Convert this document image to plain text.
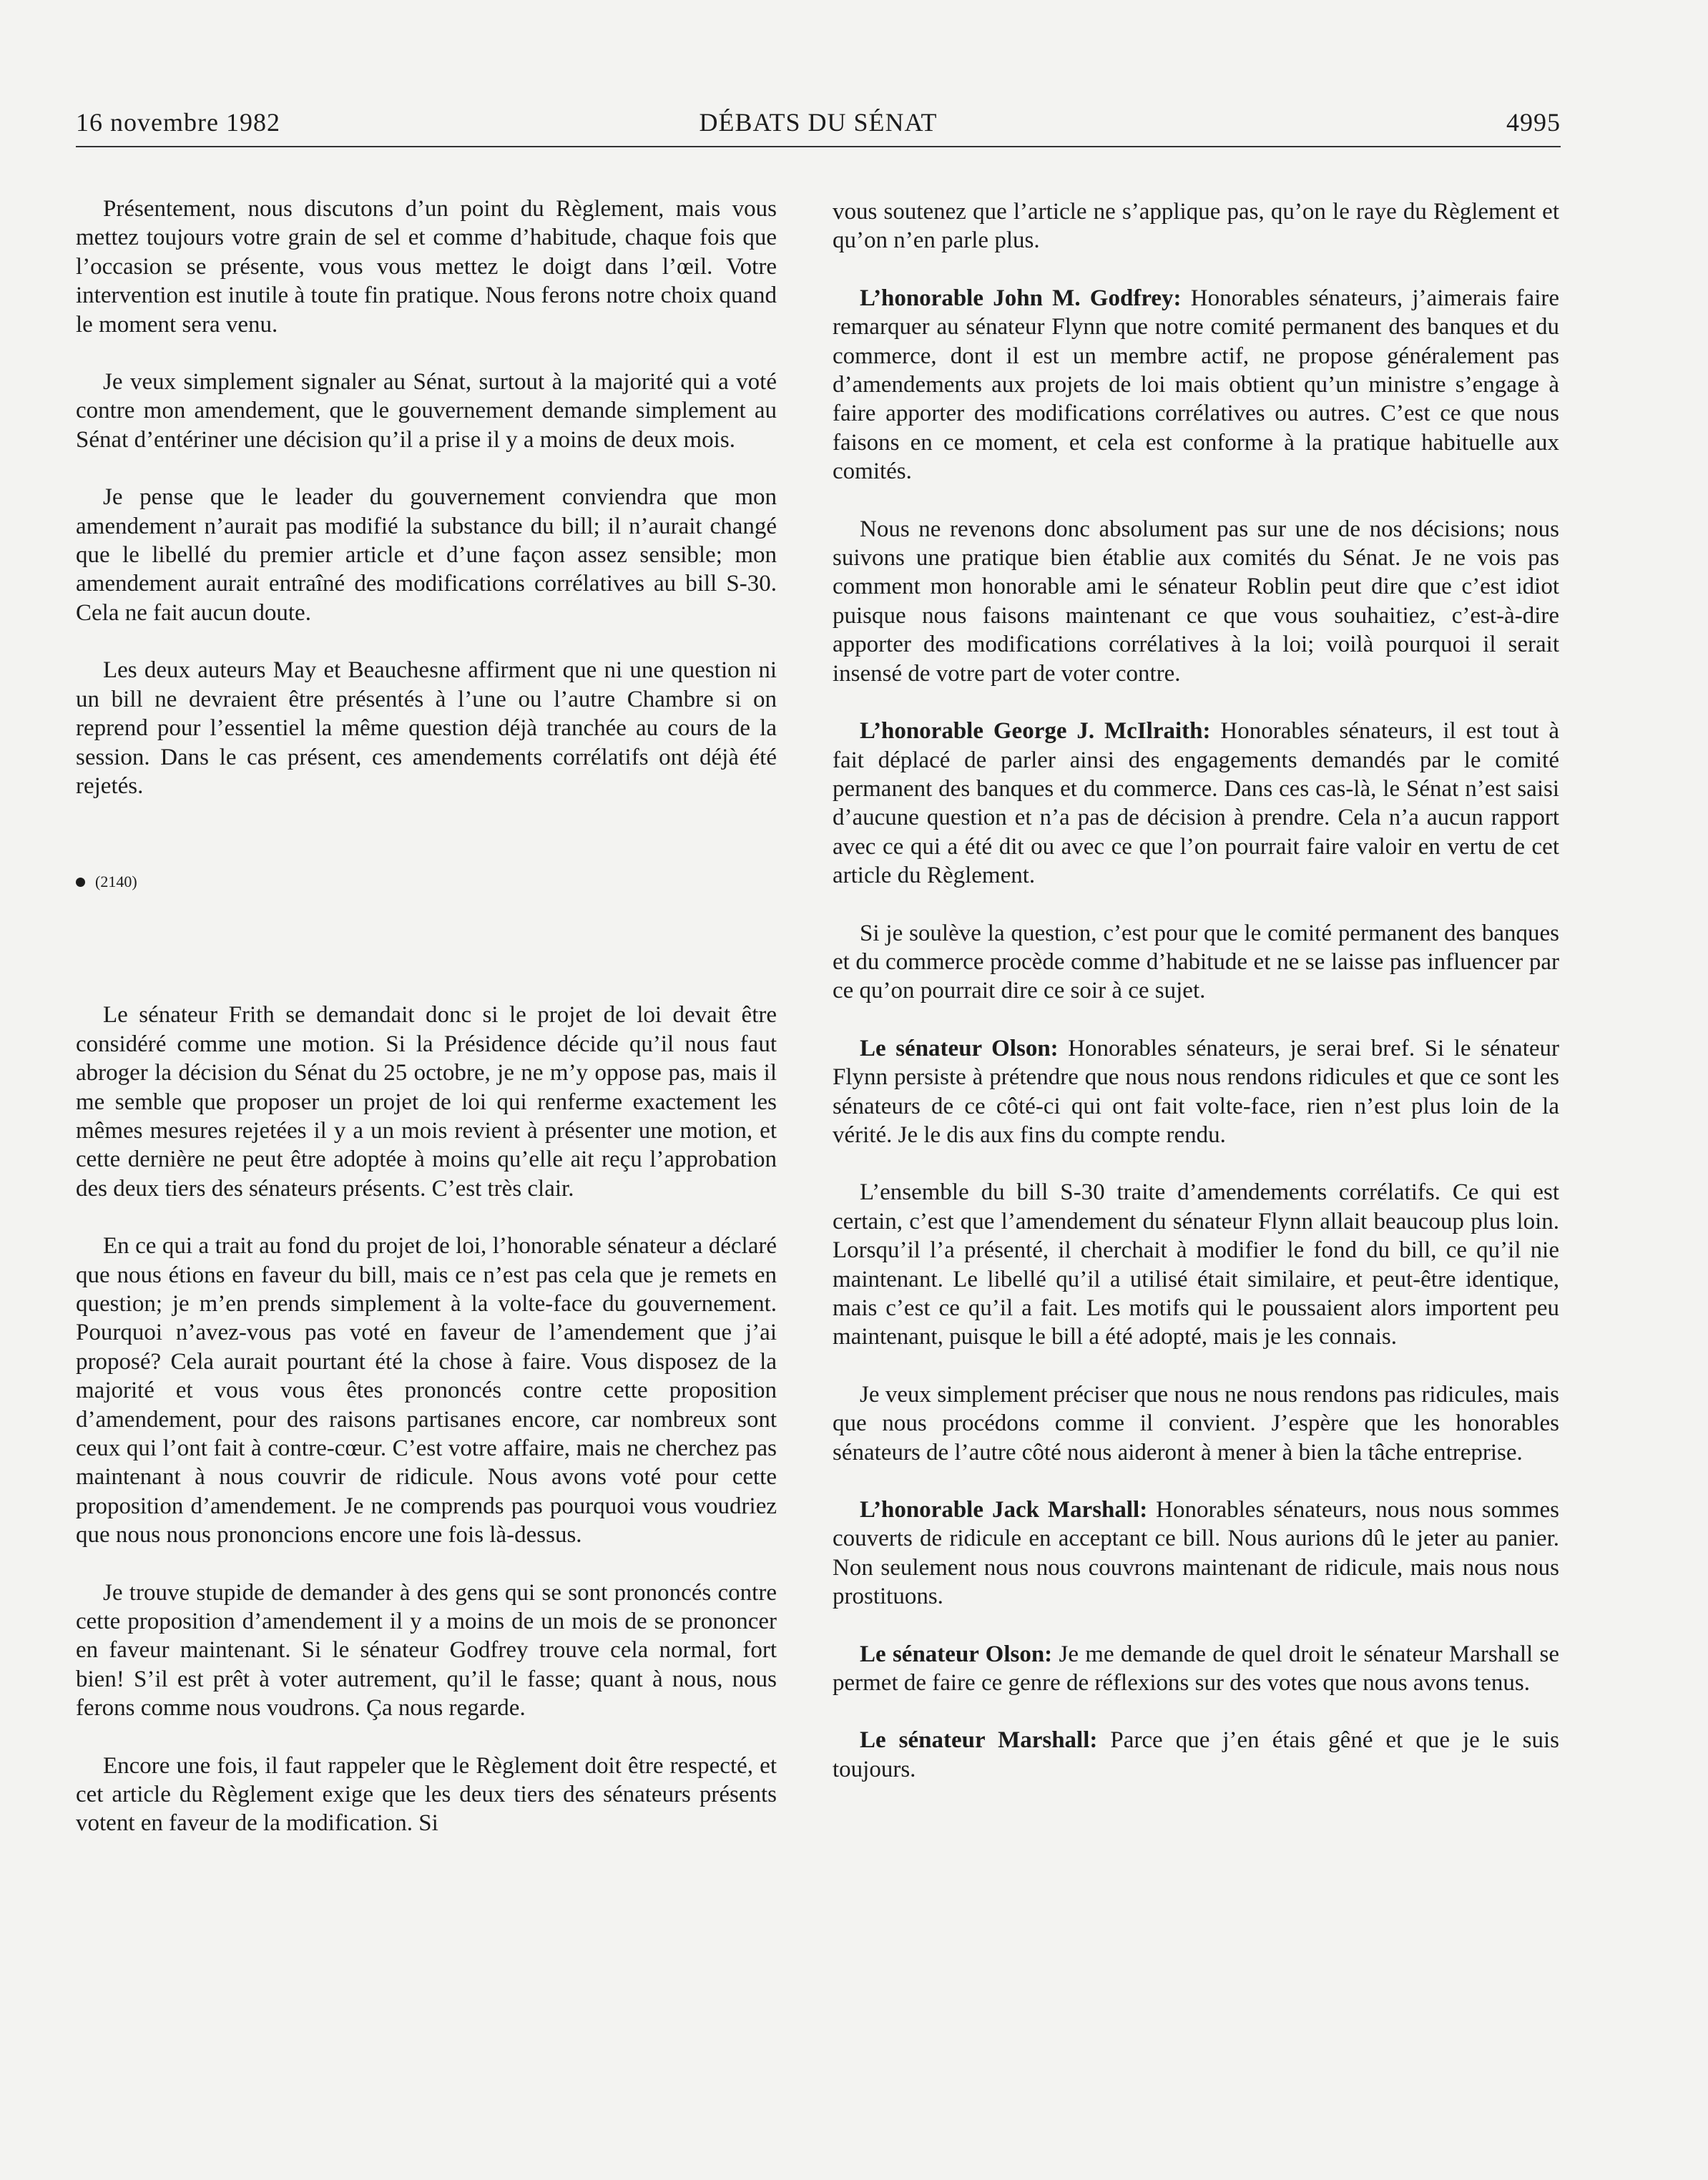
DÉBATS DU SÉNAT
16 novembre 1982	4995

Présentement, nous discutons d’un point du Règlement, mais vous mettez toujours votre grain de sel et comme d’habitude, chaque fois que l’occasion se présente, vous vous mettez le doigt dans l’œil. Votre intervention est inutile à toute fin pratique. Nous ferons notre choix quand le moment sera venu.

Je veux simplement signaler au Sénat, surtout à la majorité qui a voté contre mon amendement, que le gouvernement demande simplement au Sénat d’entériner une décision qu’il a prise il y a moins de deux mois.

Je pense que le leader du gouvernement conviendra que mon amendement n’aurait pas modifié la substance du bill; il n’aurait changé que le libellé du premier article et d’une façon assez sensible; mon amendement aurait entraîné des modifications corrélatives au bill S-30. Cela ne fait aucun doute.

Les deux auteurs May et Beauchesne affirment que ni une question ni un bill ne devraient être présentés à l’une ou l’autre Chambre si on reprend pour l’essentiel la même question déjà tranchée au cours de la session. Dans le cas présent, ces amendements corrélatifs ont déjà été rejetés.

(2140)

Le sénateur Frith se demandait donc si le projet de loi devait être considéré comme une motion. Si la Présidence décide qu’il nous faut abroger la décision du Sénat du 25 octobre, je ne m’y oppose pas, mais il me semble que proposer un projet de loi qui renferme exactement les mêmes mesures rejetées il y a un mois revient à présenter une motion, et cette dernière ne peut être adoptée à moins qu’elle ait reçu l’approbation des deux tiers des sénateurs présents. C’est très clair.

En ce qui a trait au fond du projet de loi, l’honorable sénateur a déclaré que nous étions en faveur du bill, mais ce n’est pas cela que je remets en question; je m’en prends simplement à la volte-face du gouvernement. Pourquoi n’avez-vous pas voté en faveur de l’amendement que j’ai proposé? Cela aurait pourtant été la chose à faire. Vous disposez de la majorité et vous vous êtes prononcés contre cette proposition d’amendement, pour des raisons partisanes encore, car nombreux sont ceux qui l’ont fait à contre-cœur. C’est votre affaire, mais ne cherchez pas maintenant à nous couvrir de ridicule. Nous avons voté pour cette proposition d’amendement. Je ne comprends pas pourquoi vous voudriez que nous nous prononcions encore une fois là-dessus.

Je trouve stupide de demander à des gens qui se sont prononcés contre cette proposition d’amendement il y a moins de un mois de se prononcer en faveur maintenant. Si le sénateur Godfrey trouve cela normal, fort bien! S’il est prêt à voter autrement, qu’il le fasse; quant à nous, nous ferons comme nous voudrons. Ça nous regarde.

Encore une fois, il faut rappeler que le Règlement doit être respecté, et cet article du Règlement exige que les deux tiers des sénateurs présents votent en faveur de la modification. Si

vous soutenez que l’article ne s’applique pas, qu’on le raye du Règlement et qu’on n’en parle plus.

L’honorable John M. Godfrey: Honorables sénateurs, j’aimerais faire remarquer au sénateur Flynn que notre comité permanent des banques et du commerce, dont il est un membre actif, ne propose généralement pas d’amendements aux projets de loi mais obtient qu’un ministre s’engage à faire apporter des modifications corrélatives ou autres. C’est ce que nous faisons en ce moment, et cela est conforme à la pratique habituelle aux comités.

Nous ne revenons donc absolument pas sur une de nos décisions; nous suivons une pratique bien établie aux comités du Sénat. Je ne vois pas comment mon honorable ami le sénateur Roblin peut dire que c’est idiot puisque nous faisons maintenant ce que vous souhaitiez, c’est-à-dire apporter des modifications corrélatives à la loi; voilà pourquoi il serait insensé de votre part de voter contre.

L’honorable George J. McIlraith: Honorables sénateurs, il est tout à fait déplacé de parler ainsi des engagements demandés par le comité permanent des banques et du commerce. Dans ces cas-là, le Sénat n’est saisi d’aucune question et n’a pas de décision à prendre. Cela n’a aucun rapport avec ce qui a été dit ou avec ce que l’on pourrait faire valoir en vertu de cet article du Règlement.

Si je soulève la question, c’est pour que le comité permanent des banques et du commerce procède comme d’habitude et ne se laisse pas influencer par ce qu’on pourrait dire ce soir à ce sujet.

Le sénateur Olson: Honorables sénateurs, je serai bref. Si le sénateur Flynn persiste à prétendre que nous nous rendons ridicules et que ce sont les sénateurs de ce côté-ci qui ont fait volte-face, rien n’est plus loin de la vérité. Je le dis aux fins du compte rendu.

L’ensemble du bill S-30 traite d’amendements corrélatifs. Ce qui est certain, c’est que l’amendement du sénateur Flynn allait beaucoup plus loin. Lorsqu’il l’a présenté, il cherchait à modifier le fond du bill, ce qu’il nie maintenant. Le libellé qu’il a utilisé était similaire, et peut-être identique, mais c’est ce qu’il a fait. Les motifs qui le poussaient alors importent peu maintenant, puisque le bill a été adopté, mais je les connais.

Je veux simplement préciser que nous ne nous rendons pas ridicules, mais que nous procédons comme il convient. J’espère que les honorables sénateurs de l’autre côté nous aideront à mener à bien la tâche entreprise.

L’honorable Jack Marshall: Honorables sénateurs, nous nous sommes couverts de ridicule en acceptant ce bill. Nous aurions dû le jeter au panier. Non seulement nous nous couvrons maintenant de ridicule, mais nous nous prostituons.

Le sénateur Olson: Je me demande de quel droit le sénateur Marshall se permet de faire ce genre de réflexions sur des votes que nous avons tenus.

Le sénateur Marshall: Parce que j’en étais gêné et que je le suis toujours.
